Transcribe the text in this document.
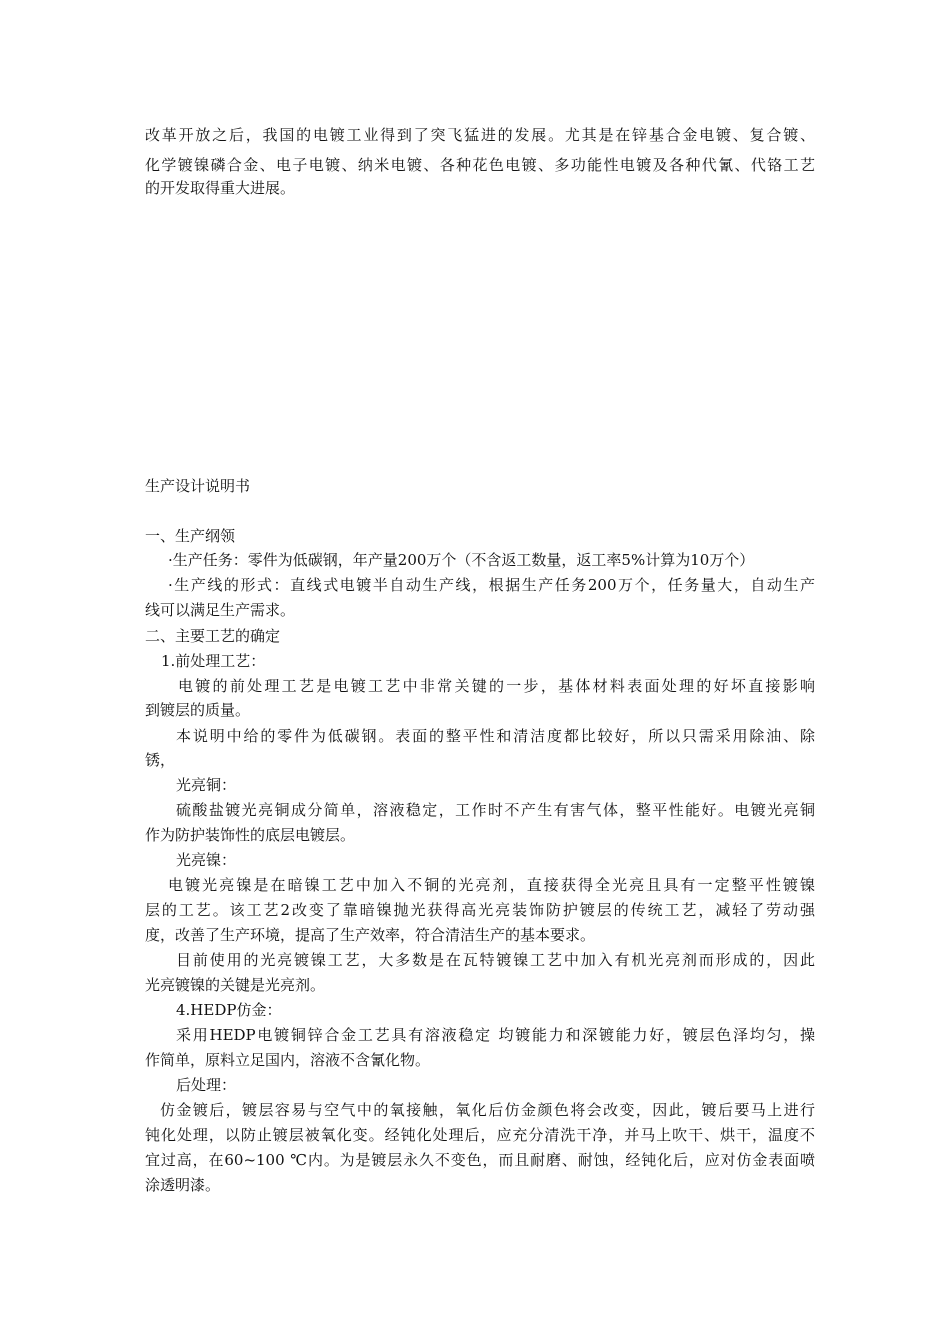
改革开放之后，我国的电镀工业得到了突飞猛进的发展。尤其是在锌基合金电镀、复合镀、
化学镀镍磷合金、电子电镀、纳米电镀、各种花色电镀、多功能性电镀及各种代氰、代铬工艺
的开发取得重大进展。
生产设计说明书
一、生产纲领
·生产任务：零件为低碳钢，年产量200万个（不含返工数量，返工率5%计算为10万个）
·生产线的形式：直线式电镀半自动生产线，根据生产任务200万个，任务量大，自动生产
线可以满足生产需求。
二、主要工艺的确定
1.前处理工艺：
电镀的前处理工艺是电镀工艺中非常关键的一步，基体材料表面处理的好坏直接影响
到镀层的质量。
本说明中给的零件为低碳钢。表面的整平性和清洁度都比较好，所以只需采用除油、除
锈，
光亮铜：
硫酸盐镀光亮铜成分简单，溶液稳定，工作时不产生有害气体，整平性能好。电镀光亮铜
作为防护装饰性的底层电镀层。
光亮镍：
电镀光亮镍是在暗镍工艺中加入不铜的光亮剂，直接获得全光亮且具有一定整平性镀镍
层的工艺。该工艺2改变了靠暗镍抛光获得高光亮装饰防护镀层的传统工艺，减轻了劳动强
度，改善了生产环境，提高了生产效率，符合清洁生产的基本要求。
目前使用的光亮镀镍工艺，大多数是在瓦特镀镍工艺中加入有机光亮剂而形成的，因此
光亮镀镍的关键是光亮剂。
4.HEDP仿金：
采用HEDP电镀铜锌合金工艺具有溶液稳定 均镀能力和深镀能力好，镀层色泽均匀，操
作简单，原料立足国内，溶液不含氰化物。
后处理：
仿金镀后，镀层容易与空气中的氧接触，氧化后仿金颜色将会改变，因此，镀后要马上进行
钝化处理，以防止镀层被氧化变。经钝化处理后，应充分清洗干净，并马上吹干、烘干，温度不
宜过高，在60~100 ℃内。为是镀层永久不变色，而且耐磨、耐蚀，经钝化后，应对仿金表面喷
涂透明漆。
